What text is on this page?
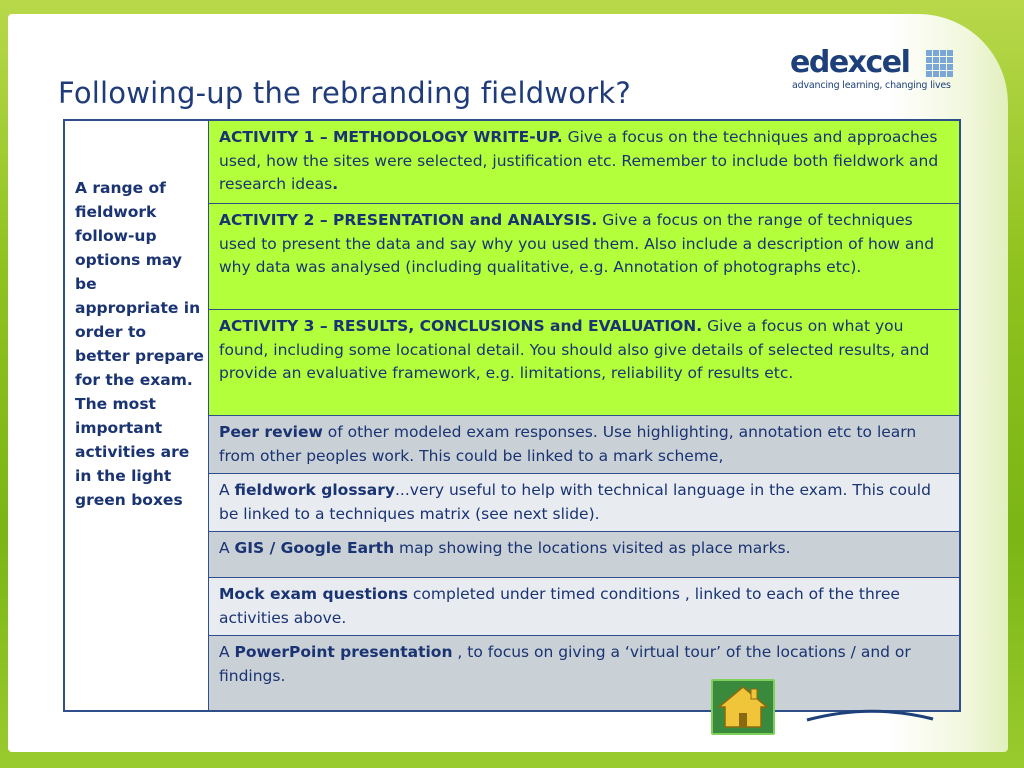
Following-up the rebranding fieldwork?
edexcel
advancing learning, changing lives
A range of fieldwork follow-up options may be appropriate in order to better prepare for the exam. The most important activities are in the light green boxes
ACTIVITY 1 – METHODOLOGY WRITE-UP. Give a focus on the techniques and approaches used, how the sites were selected, justification etc. Remember to include both fieldwork and research ideas.
ACTIVITY 2 – PRESENTATION and ANALYSIS. Give a focus on the range of techniques used to present the data and say why you used them. Also include a description of how and why data was analysed (including qualitative, e.g. Annotation of photographs etc).
ACTIVITY 3 – RESULTS, CONCLUSIONS and EVALUATION. Give a focus on what you found, including some locational detail. You should also give details of selected results, and provide an evaluative framework, e.g. limitations, reliability of results etc.
Peer review of other modeled exam responses. Use highlighting, annotation etc to learn from other peoples work. This could be linked to a mark scheme,
A fieldwork glossary...very useful to help with technical language in the exam. This could be linked to a techniques matrix (see next slide).
A GIS / Google Earth map showing the locations visited as place marks.
Mock exam questions completed under timed conditions , linked to each of the three activities above.
A PowerPoint presentation , to focus on giving a ‘virtual tour’ of the locations / and or findings.
